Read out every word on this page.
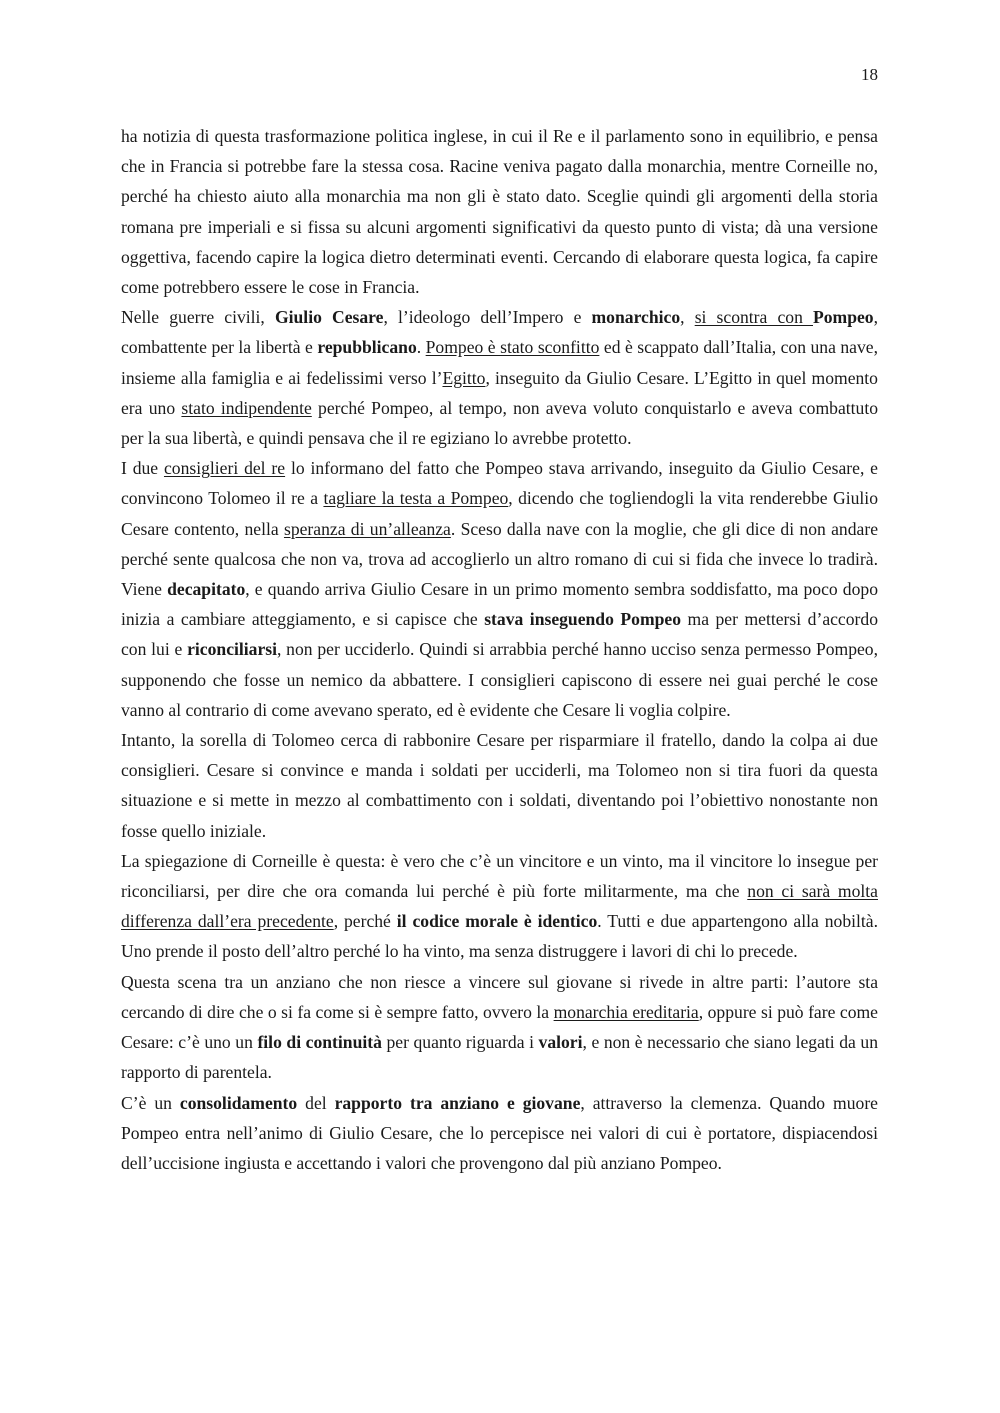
18

ha notizia di questa trasformazione politica inglese, in cui il Re e il parlamento sono in equilibrio, e pensa che in Francia si potrebbe fare la stessa cosa. Racine veniva pagato dalla monarchia, mentre Corneille no, perché ha chiesto aiuto alla monarchia ma non gli è stato dato. Sceglie quindi gli argomenti della storia romana pre imperiali e si fissa su alcuni argomenti significativi da questo punto di vista; dà una versione oggettiva, facendo capire la logica dietro determinati eventi. Cercando di elaborare questa logica, fa capire come potrebbero essere le cose in Francia.

Nelle guerre civili, Giulio Cesare, l’ideologo dell’Impero e monarchico, si scontra con Pompeo, combattente per la libertà e repubblicano. Pompeo è stato sconfitto ed è scappato dall’Italia, con una nave, insieme alla famiglia e ai fedelissimi verso l’Egitto, inseguito da Giulio Cesare. L’Egitto in quel momento era uno stato indipendente perché Pompeo, al tempo, non aveva voluto conquistarlo e aveva combattuto per la sua libertà, e quindi pensava che il re egiziano lo avrebbe protetto.

I due consiglieri del re lo informano del fatto che Pompeo stava arrivando, inseguito da Giulio Cesare, e convincono Tolomeo il re a tagliare la testa a Pompeo, dicendo che togliendogli la vita renderebbe Giulio Cesare contento, nella speranza di un’alleanza. Sceso dalla nave con la moglie, che gli dice di non andare perché sente qualcosa che non va, trova ad accoglierlo un altro romano di cui si fida che invece lo tradirà. Viene decapitato, e quando arriva Giulio Cesare in un primo momento sembra soddisfatto, ma poco dopo inizia a cambiare atteggiamento, e si capisce che stava inseguendo Pompeo ma per mettersi d’accordo con lui e riconciliarsi, non per ucciderlo. Quindi si arrabbia perché hanno ucciso senza permesso Pompeo, supponendo che fosse un nemico da abbattere. I consiglieri capiscono di essere nei guai perché le cose vanno al contrario di come avevano sperato, ed è evidente che Cesare li voglia colpire.

Intanto, la sorella di Tolomeo cerca di rabbonire Cesare per risparmiare il fratello, dando la colpa ai due consiglieri. Cesare si convince e manda i soldati per ucciderli, ma Tolomeo non si tira fuori da questa situazione e si mette in mezzo al combattimento con i soldati, diventando poi l’obiettivo nonostante non fosse quello iniziale.

La spiegazione di Corneille è questa: è vero che c’è un vincitore e un vinto, ma il vincitore lo insegue per riconciliarsi, per dire che ora comanda lui perché è più forte militarmente, ma che non ci sarà molta differenza dall’era precedente, perché il codice morale è identico. Tutti e due appartengono alla nobiltà. Uno prende il posto dell’altro perché lo ha vinto, ma senza distruggere i lavori di chi lo precede.

Questa scena tra un anziano che non riesce a vincere sul giovane si rivede in altre parti: l’autore sta cercando di dire che o si fa come si è sempre fatto, ovvero la monarchia ereditaria, oppure si può fare come Cesare: c’è uno un filo di continuità per quanto riguarda i valori, e non è necessario che siano legati da un rapporto di parentela.

C’è un consolidamento del rapporto tra anziano e giovane, attraverso la clemenza. Quando muore Pompeo entra nell’animo di Giulio Cesare, che lo percepisce nei valori di cui è portatore, dispiacendosi dell’uccisione ingiusta e accettando i valori che provengono dal più anziano Pompeo.
